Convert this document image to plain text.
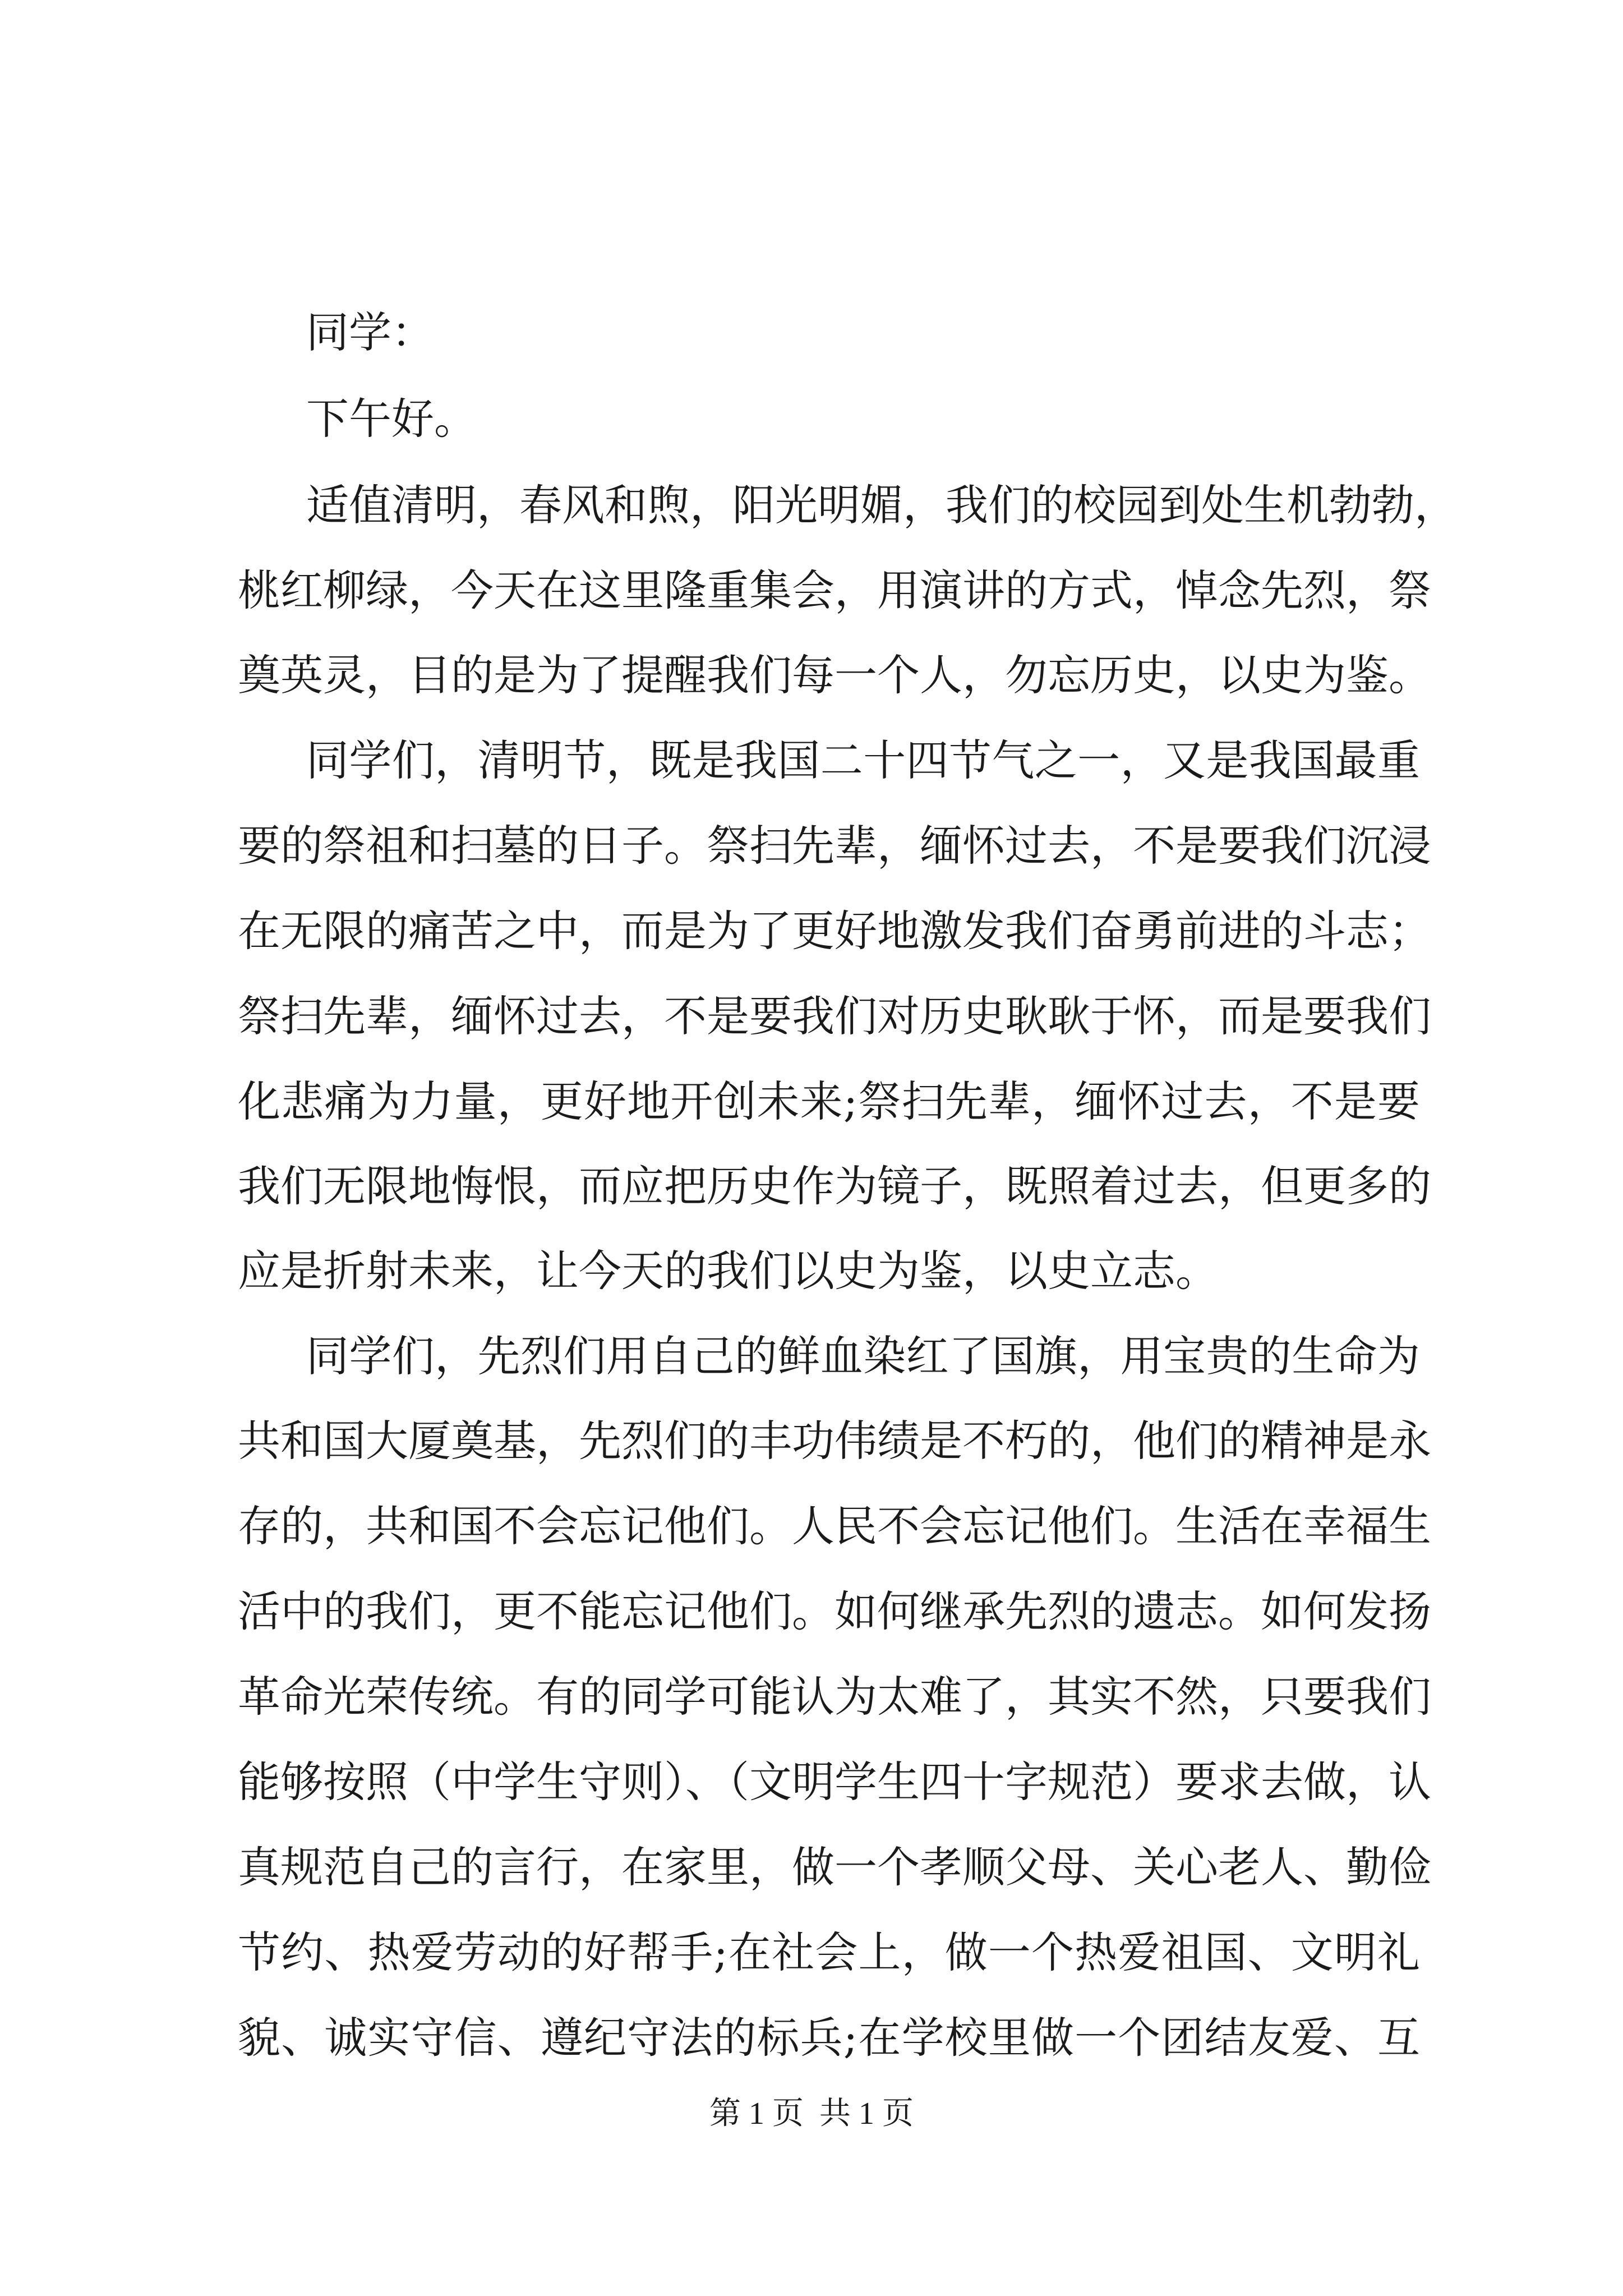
同学：
下午好。
适值清明，春风和煦，阳光明媚，我们的校园到处生机勃勃，
桃红柳绿，今天在这里隆重集会，用演讲的方式，悼念先烈，祭
奠英灵，目的是为了提醒我们每一个人，勿忘历史，以史为鉴。
同学们，清明节，既是我国二十四节气之一，又是我国最重
要的祭祖和扫墓的日子。祭扫先辈，缅怀过去，不是要我们沉浸
在无限的痛苦之中，而是为了更好地激发我们奋勇前进的斗志；
祭扫先辈，缅怀过去，不是要我们对历史耿耿于怀，而是要我们
化悲痛为力量，更好地开创未来;祭扫先辈，缅怀过去，不是要
我们无限地悔恨，而应把历史作为镜子，既照着过去，但更多的
应是折射未来，让今天的我们以史为鉴，以史立志。
同学们，先烈们用自己的鲜血染红了国旗，用宝贵的生命为
共和国大厦奠基，先烈们的丰功伟绩是不朽的，他们的精神是永
存的，共和国不会忘记他们。人民不会忘记他们。生活在幸福生
活中的我们，更不能忘记他们。如何继承先烈的遗志。如何发扬
革命光荣传统。有的同学可能认为太难了，其实不然，只要我们
能够按照（中学生守则）、（文明学生四十字规范）要求去做，认
真规范自己的言行，在家里，做一个孝顺父母、关心老人、勤俭
节约、热爱劳动的好帮手;在社会上，做一个热爱祖国、文明礼
貌、诚实守信、遵纪守法的标兵;在学校里做一个团结友爱、互
第 1 页  共 1 页
